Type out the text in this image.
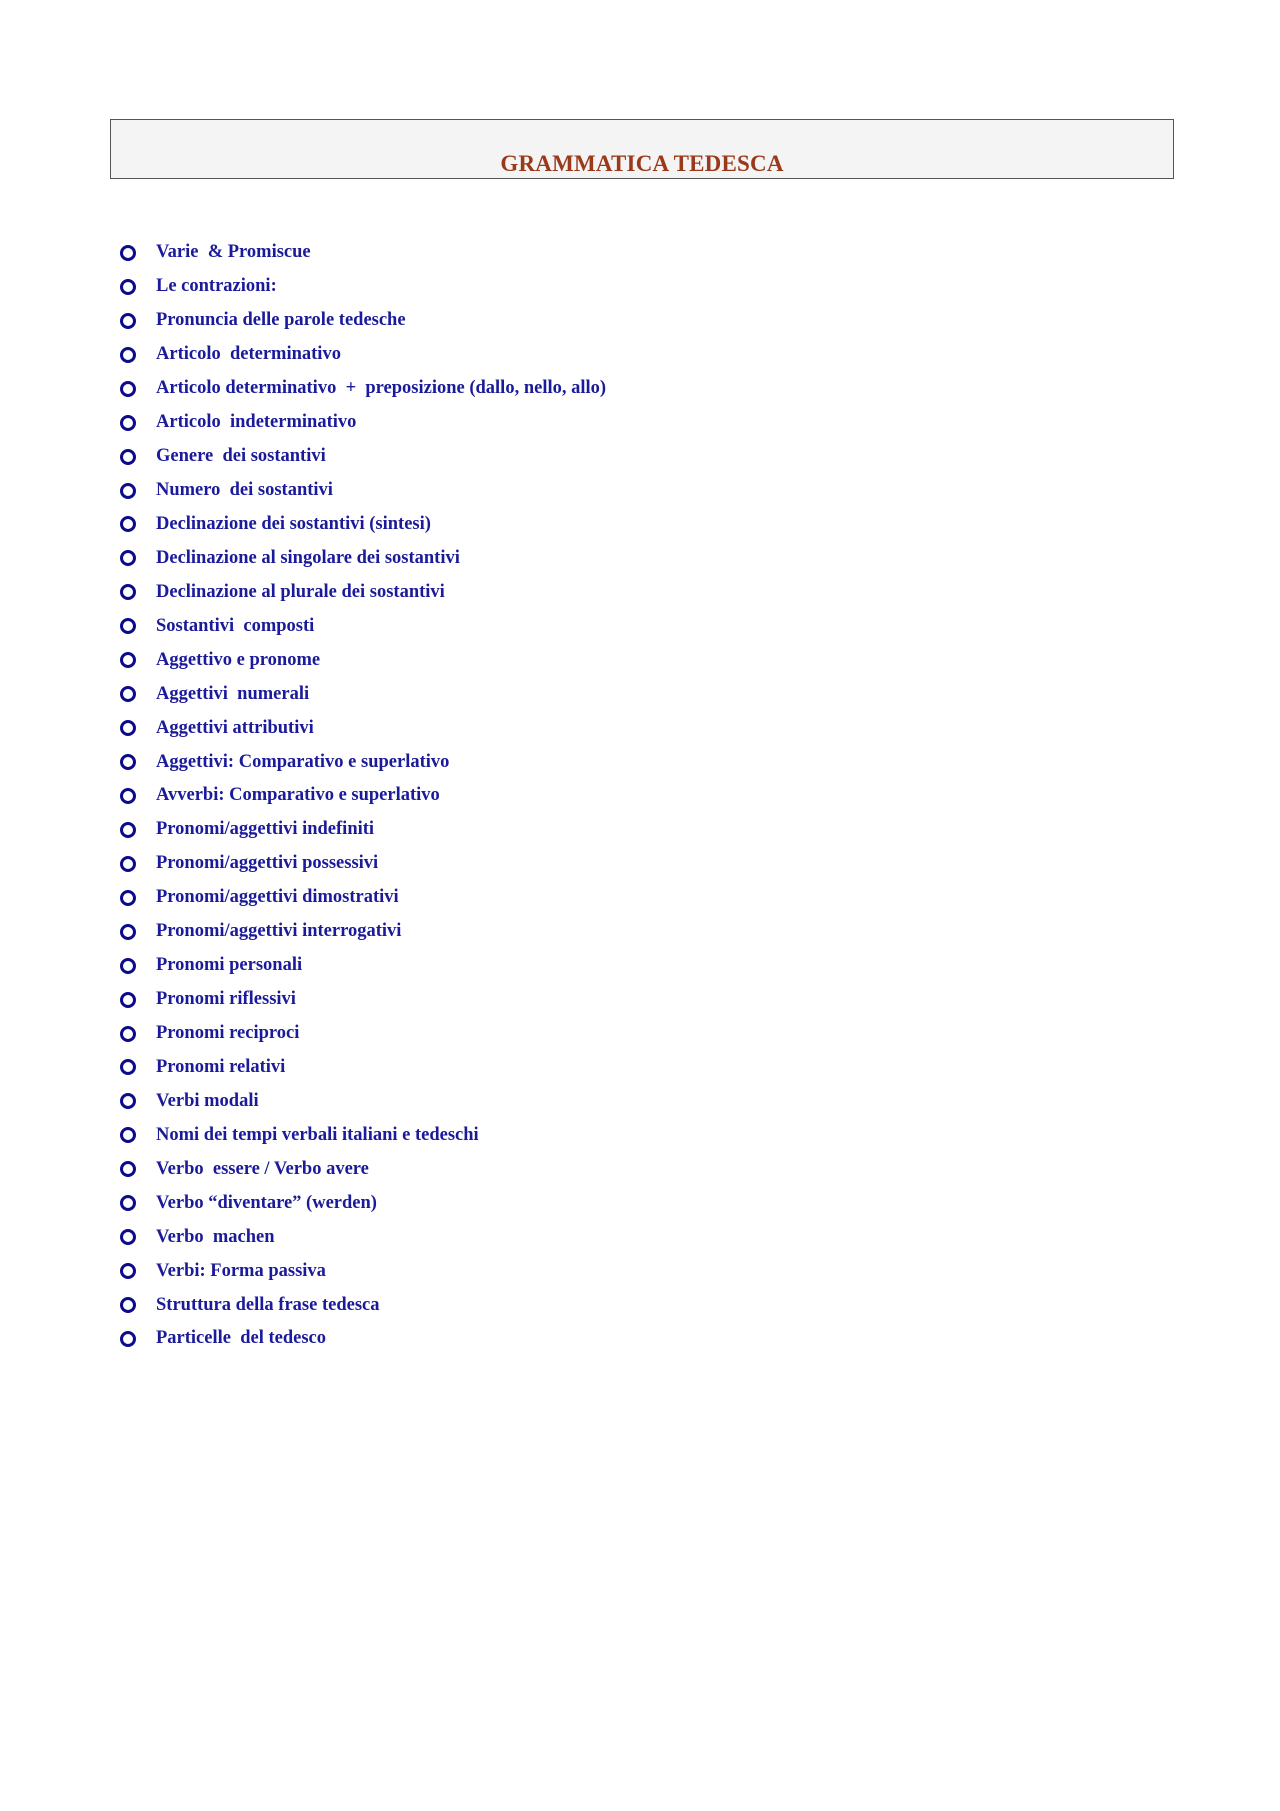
GRAMMATICA TEDESCA
Varie  & Promiscue
Le contrazioni:
Pronuncia delle parole tedesche
Articolo  determinativo
Articolo determinativo  +  preposizione (dallo, nello, allo)
Articolo  indeterminativo
Genere  dei sostantivi
Numero  dei sostantivi
Declinazione dei sostantivi (sintesi)
Declinazione al singolare dei sostantivi
Declinazione al plurale dei sostantivi
Sostantivi  composti
Aggettivo e pronome
Aggettivi  numerali
Aggettivi attributivi
Aggettivi: Comparativo e superlativo
Avverbi: Comparativo e superlativo
Pronomi/aggettivi indefiniti
Pronomi/aggettivi possessivi
Pronomi/aggettivi dimostrativi
Pronomi/aggettivi interrogativi
Pronomi personali
Pronomi riflessivi
Pronomi reciproci
Pronomi relativi
Verbi modali
Nomi dei tempi verbali italiani e tedeschi
Verbo  essere / Verbo avere
Verbo “diventare” (werden)
Verbo  machen
Verbi: Forma passiva
Struttura della frase tedesca
Particelle  del tedesco
